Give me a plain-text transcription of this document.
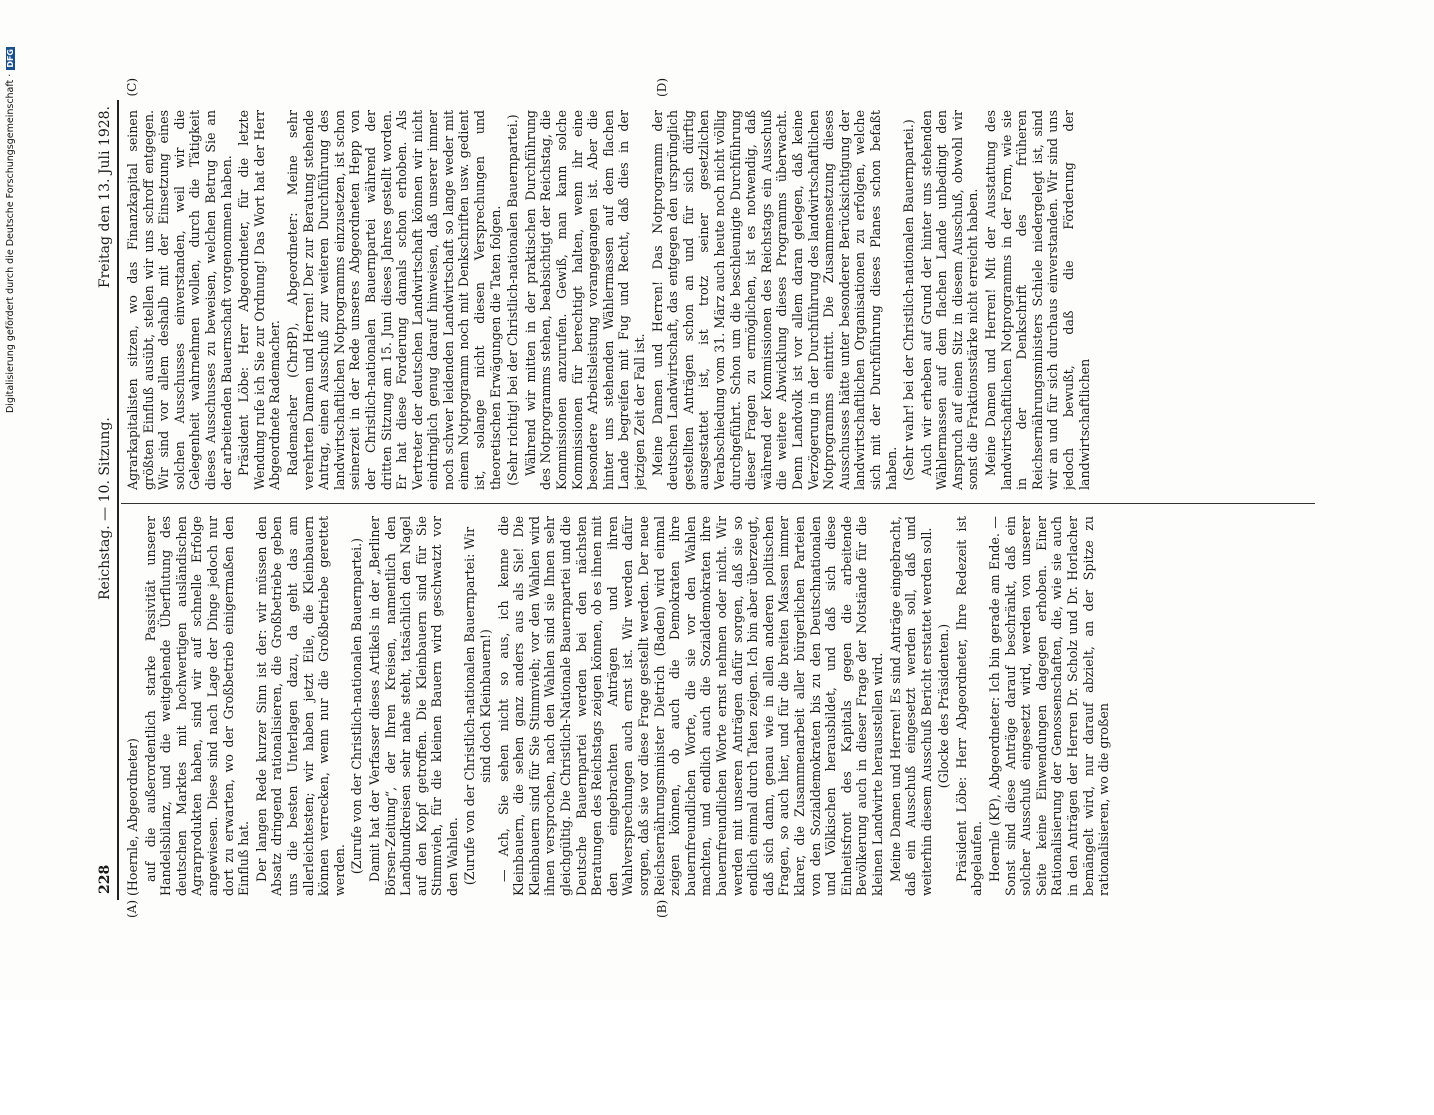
228
Reichstag. — 10. Sitzung.
Freitag den 13. Juli 1928.
(A)	(B)
(C)	(D)

(Hoernle, Abgeordneter) auf die außerordentlich starke Passivität unserer Handelsbilanz, und die weitgehende Überflutung des deutschen Marktes mit hochwertigen ausländischen Agrarprodukten haben, sind wir auf schnelle Erfolge angewiesen. Diese sind nach Lage der Dinge jedoch nur dort zu erwarten, wo der Großbetrieb einigermaßen den Einfluß hat. Der langen Rede kurzer Sinn ist der: wir müssen den Absatz dringend rationalisieren, die Großbetriebe geben uns die besten Unterlagen dazu, da geht das am allerleichtesten; wir haben jetzt Eile, die Kleinbauern können verrecken, wenn nur die Großbetriebe gerettet werden. (Zurufe von der Christlich-nationalen Bauernpartei.) Damit hat der Verfasser dieses Artikels in der „Berliner Börsen-Zeitung“, der Ihren Kreisen, namentlich den Landbundkreisen sehr nahe steht, tatsächlich den Nagel auf den Kopf getroffen. Die Kleinbauern sind für Sie Stimmvieh, für die kleinen Bauern wird geschwatzt vor den Wahlen. (Zurufe von der Christlich-nationalen Bauernpartei: Wir sind doch Kleinbauern!) — Ach, Sie sehen nicht so aus, ich kenne die Kleinbauern, die sehen ganz anders aus als Sie! Die Kleinbauern sind für Sie Stimmvieh; vor den Wahlen wird ihnen versprochen, nach den Wahlen sind sie Ihnen sehr gleichgültig. Die Christlich-Nationale Bauernpartei und die Deutsche Bauernpartei werden bei den nächsten Beratungen des Reichstags zeigen können, ob es ihnen mit den eingebrachten Anträgen und ihren Wahlversprechungen auch ernst ist. Wir werden dafür sorgen, daß sie vor diese Frage gestellt werden. Der neue Reichsernährungsminister Dietrich (Baden) wird einmal zeigen können, ob auch die Demokraten ihre bauernfreundlichen Worte, die sie vor den Wahlen machten, und endlich auch die Sozialdemokraten ihre bauernfreundlichen Worte ernst nehmen oder nicht. Wir werden mit unseren Anträgen dafür sorgen, daß sie so endlich einmal durch Taten zeigen. Ich bin aber überzeugt, daß sich dann, genau wie in allen anderen politischen Fragen, so auch hier, und für die breiten Massen immer klarer, die Zusammenarbeit aller bürgerlichen Parteien von den Sozialdemokraten bis zu den Deutschnationalen und Völkischen herausbildet, und daß sich diese Einheitsfront des Kapitals gegen die arbeitende Bevölkerung auch in dieser Frage der Notstände für die kleinen Landwirte herausstellen wird. Meine Damen und Herren! Es sind Anträge eingebracht, daß ein Ausschuß eingesetzt werden soll, daß und weiterhin diesem Ausschuß Bericht erstattet werden soll. (Glocke des Präsidenten.) Präsident Löbe: Herr Abgeordneter, Ihre Redezeit ist abgelaufen. Hoernle (KP), Abgeordneter: Ich bin gerade am Ende. — Sonst sind diese Anträge darauf beschränkt, daß ein solcher Ausschuß eingesetzt wird, werden von unserer Seite keine Einwendungen dagegen erhoben. Einer Rationalisierung der Genossenschaften, die, wie sie auch in den Anträgen der Herren Dr. Scholz und Dr. Horlacher bemängelt wird, nur darauf abzielt, an der Spitze zu rationalisieren, wo die großen

Agrarkapitalisten sitzen, wo das Finanzkapital seinen größten Einfluß ausübt, stellen wir uns schroff entgegen. Wir sind vor allem deshalb mit der Einsetzung eines solchen Ausschusses einverstanden, weil wir die Gelegenheit wahrnehmen wollen, durch die Tätigkeit dieses Ausschusses zu beweisen, welchen Betrug Sie an der arbeitenden Bauernschaft vorgenommen haben. Präsident Löbe: Herr Abgeordneter, für die letzte Wendung rufe ich Sie zur Ordnung! Das Wort hat der Herr Abgeordnete Rademacher. Rademacher (ChrBP), Abgeordneter: Meine sehr verehrten Damen und Herren! Der zur Beratung stehende Antrag, einen Ausschuß zur weiteren Durchführung des landwirtschaftlichen Notprogramms einzusetzen, ist schon seinerzeit in der Rede unseres Abgeordneten Hepp von der Christlich-nationalen Bauernpartei während der dritten Sitzung am 15. Juni dieses Jahres gestellt worden. Er hat diese Forderung damals schon erhoben. Als Vertreter der deutschen Landwirtschaft können wir nicht eindringlich genug darauf hinweisen, daß unserer immer noch schwer leidenden Landwirtschaft so lange weder mit einem Notprogramm noch mit Denkschriften usw. gedient ist, solange nicht diesen Versprechungen und theoretischen Erwägungen die Taten folgen. (Sehr richtig! bei der Christlich-nationalen Bauernpartei.) Während wir mitten in der praktischen Durchführung des Notprogramms stehen, beabsichtigt der Reichstag, die Kommissionen anzurufen. Gewiß, man kann solche Kommissionen für berechtigt halten, wenn ihr eine besondere Arbeitsleistung vorangegangen ist. Aber die hinter uns stehenden Wählermassen auf dem flachen Lande begreifen mit Fug und Recht, daß dies in der jetzigen Zeit der Fall ist. Meine Damen und Herren! Das Notprogramm der deutschen Landwirtschaft, das entgegen den ursprünglich gestellten Anträgen schon an und für sich dürftig ausgestattet ist, ist trotz seiner gesetzlichen Verabschiedung vom 31. März auch heute noch nicht völlig durchgeführt. Schon um die beschleunigte Durchführung dieser Fragen zu ermöglichen, ist es notwendig, daß während der Kommissionen des Reichstags ein Ausschuß die weitere Abwicklung dieses Programms überwacht. Denn Landvolk ist vor allem daran gelegen, daß keine Verzögerung in der Durchführung des landwirtschaftlichen Notprogramms eintritt. Die Zusammensetzung dieses Ausschusses hätte unter besonderer Berücksichtigung der landwirtschaftlichen Organisationen zu erfolgen, welche sich mit der Durchführung dieses Planes schon befaßt haben. (Sehr wahr! bei der Christlich-nationalen Bauernpartei.) Auch wir erheben auf Grund der hinter uns stehenden Wählermassen auf dem flachen Lande unbedingt den Anspruch auf einen Sitz in diesem Ausschuß, obwohl wir sonst die Fraktionsstärke nicht erreicht haben. Meine Damen und Herren! Mit der Ausstattung des landwirtschaftlichen Notprogramms in der Form, wie sie in der Denkschrift des früheren Reichsernährungsministers Schiele niedergelegt ist, sind wir an und für sich durchaus einverstanden. Wir sind uns jedoch bewußt, daß die Förderung der landwirtschaftlichen

Digitalisierung gefördert durch die Deutsche Forschungsgemeinschaft ·DFG
